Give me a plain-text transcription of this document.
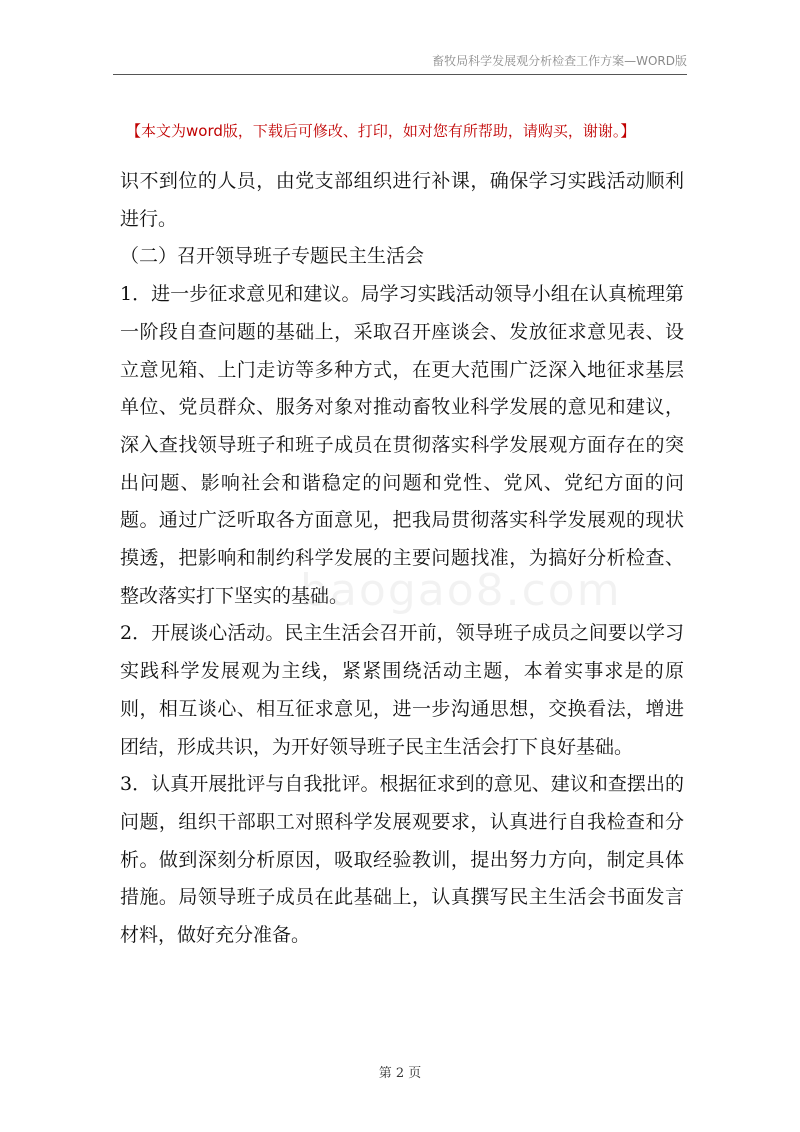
畜牧局科学发展观分析检查工作方案—WORD版
【本文为word版，下载后可修改、打印，如对您有所帮助，请购买，谢谢。】
baogao8.com

识不到位的人员，由党支部组织进行补课，确保学习实践活动顺利进行。

（二）召开领导班子专题民主生活会

1．进一步征求意见和建议。局学习实践活动领导小组在认真梳理第一阶段自查问题的基础上，采取召开座谈会、发放征求意见表、设立意见箱、上门走访等多种方式，在更大范围广泛深入地征求基层单位、党员群众、服务对象对推动畜牧业科学发展的意见和建议，深入查找领导班子和班子成员在贯彻落实科学发展观方面存在的突出问题、影响社会和谐稳定的问题和党性、党风、党纪方面的问题。通过广泛听取各方面意见，把我局贯彻落实科学发展观的现状摸透，把影响和制约科学发展的主要问题找准，为搞好分析检查、整改落实打下坚实的基础。

2．开展谈心活动。民主生活会召开前，领导班子成员之间要以学习实践科学发展观为主线，紧紧围绕活动主题，本着实事求是的原则，相互谈心、相互征求意见，进一步沟通思想，交换看法，增进团结，形成共识，为开好领导班子民主生活会打下良好基础。

3．认真开展批评与自我批评。根据征求到的意见、建议和查摆出的问题，组织干部职工对照科学发展观要求，认真进行自我检查和分析。做到深刻分析原因，吸取经验教训，提出努力方向，制定具体措施。局领导班子成员在此基础上，认真撰写民主生活会书面发言材料，做好充分准备。

第 2 页
